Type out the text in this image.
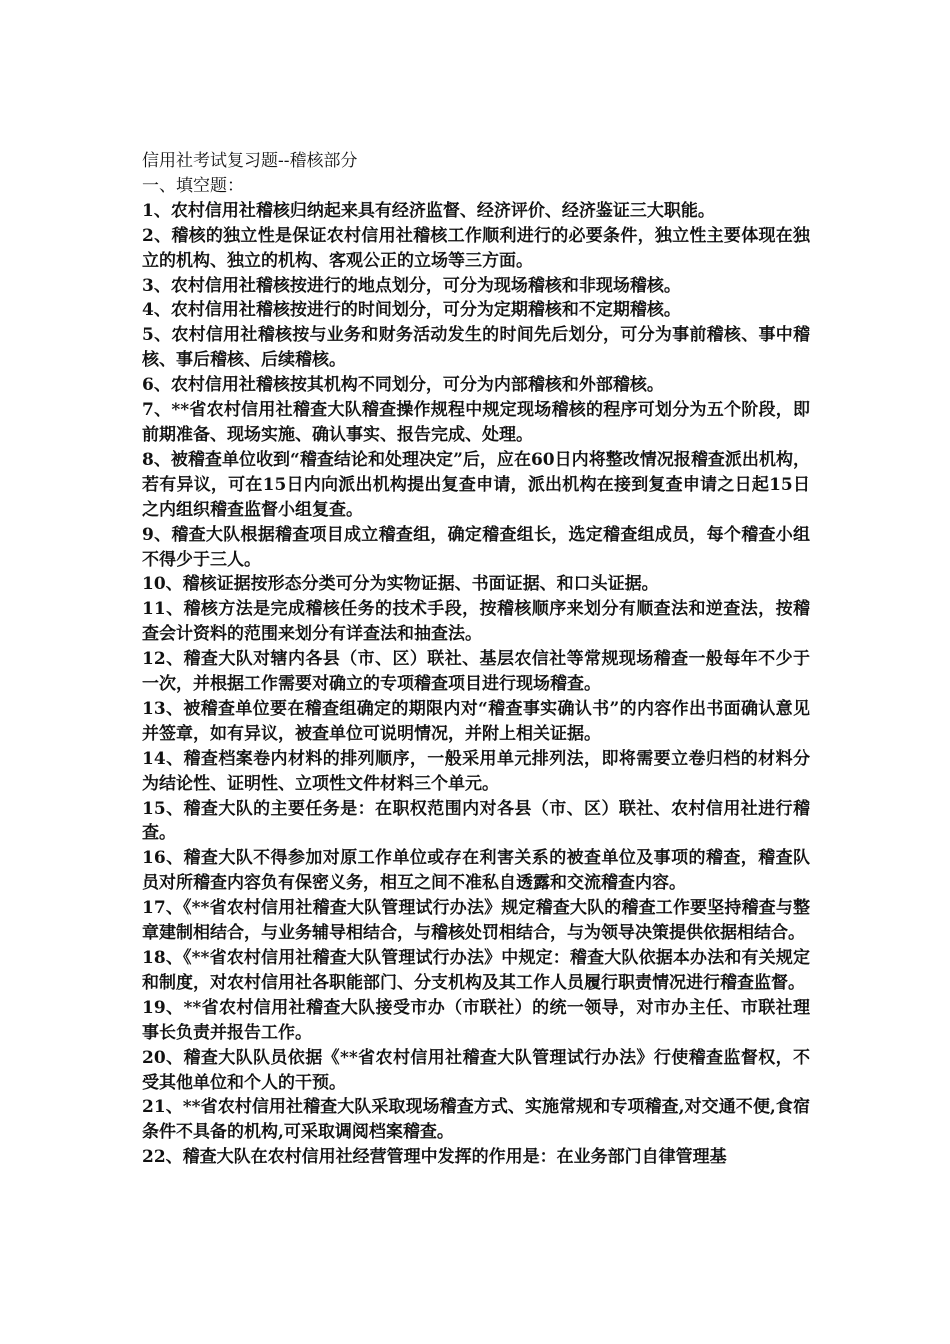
信用社考试复习题--稽核部分

一、填空题：

1、农村信用社稽核归纳起来具有经济监督、经济评价、经济鉴证三大职能。

2、稽核的独立性是保证农村信用社稽核工作顺利进行的必要条件，独立性主要体现在独立的机构、独立的机构、客观公正的立场等三方面。

3、农村信用社稽核按进行的地点划分，可分为现场稽核和非现场稽核。

4、农村信用社稽核按进行的时间划分，可分为定期稽核和不定期稽核。

5、农村信用社稽核按与业务和财务活动发生的时间先后划分，可分为事前稽核、事中稽核、事后稽核、后续稽核。

6、农村信用社稽核按其机构不同划分，可分为内部稽核和外部稽核。

7、**省农村信用社稽查大队稽查操作规程中规定现场稽核的程序可划分为五个阶段，即前期准备、现场实施、确认事实、报告完成、处理。

8、被稽查单位收到“稽查结论和处理决定”后，应在60日内将整改情况报稽查派出机构，若有异议，可在15日内向派出机构提出复查申请，派出机构在接到复查申请之日起15日之内组织稽查监督小组复查。

9、稽查大队根据稽查项目成立稽查组，确定稽查组长，选定稽查组成员，每个稽查小组不得少于三人。

10、稽核证据按形态分类可分为实物证据、书面证据、和口头证据。

11、稽核方法是完成稽核任务的技术手段，按稽核顺序来划分有顺查法和逆查法，按稽查会计资料的范围来划分有详查法和抽查法。

12、稽查大队对辖内各县（市、区）联社、基层农信社等常规现场稽查一般每年不少于一次，并根据工作需要对确立的专项稽查项目进行现场稽查。

13、被稽查单位要在稽查组确定的期限内对“稽查事实确认书”的内容作出书面确认意见并签章，如有异议，被查单位可说明情况，并附上相关证据。

14、稽查档案卷内材料的排列顺序，一般采用单元排列法，即将需要立卷归档的材料分为结论性、证明性、立项性文件材料三个单元。

15、稽查大队的主要任务是：在职权范围内对各县（市、区）联社、农村信用社进行稽查。

16、稽查大队不得参加对原工作单位或存在利害关系的被查单位及事项的稽查，稽查队员对所稽查内容负有保密义务，相互之间不准私自透露和交流稽查内容。

17、《**省农村信用社稽查大队管理试行办法》规定稽查大队的稽查工作要坚持稽查与整章建制相结合，与业务辅导相结合，与稽核处罚相结合，与为领导决策提供依据相结合。

18、《**省农村信用社稽查大队管理试行办法》中规定：稽查大队依据本办法和有关规定和制度，对农村信用社各职能部门、分支机构及其工作人员履行职责情况进行稽查监督。

19、**省农村信用社稽查大队接受市办（市联社）的统一领导，对市办主任、市联社理事长负责并报告工作。

20、稽查大队队员依据《**省农村信用社稽查大队管理试行办法》行使稽查监督权，不受其他单位和个人的干预。

21、**省农村信用社稽查大队采取现场稽查方式、实施常规和专项稽查,对交通不便,食宿条件不具备的机构,可采取调阅档案稽查。

22、稽查大队在农村信用社经营管理中发挥的作用是：在业务部门自律管理基
